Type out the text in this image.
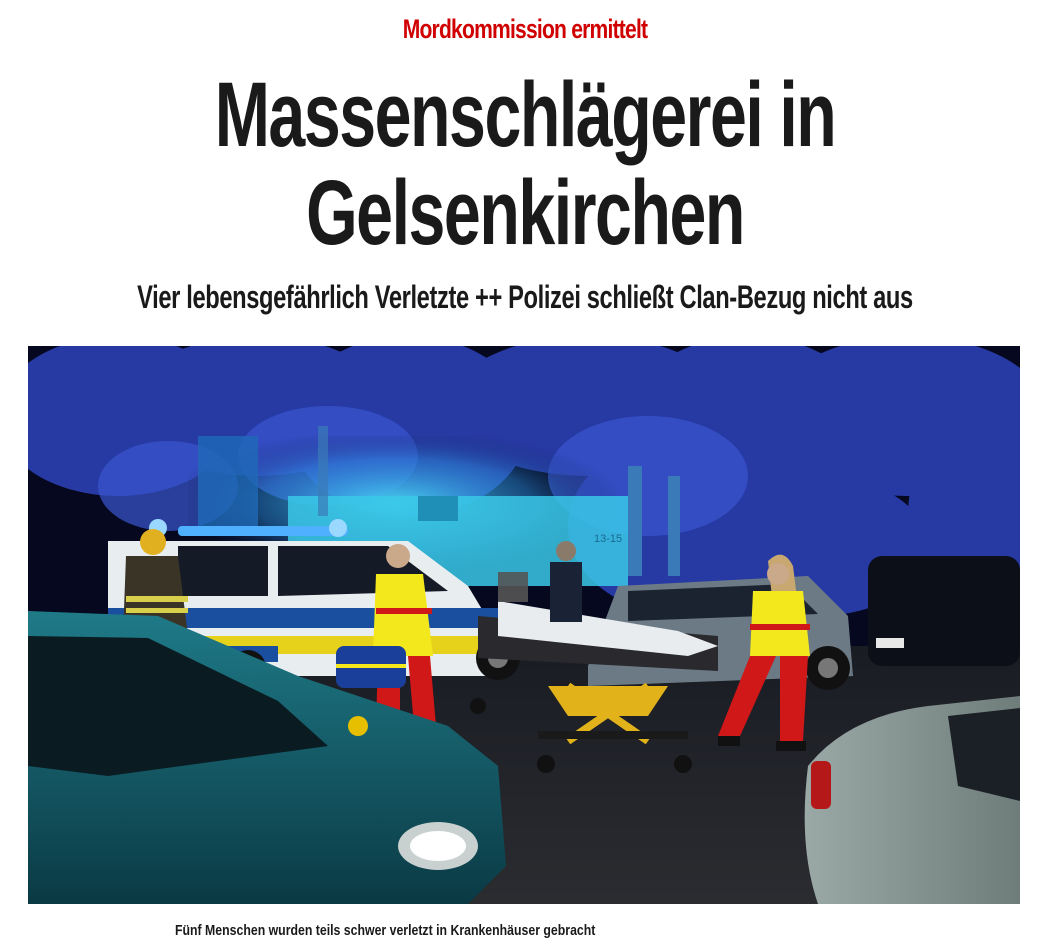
Mordkommission ermittelt
Massenschlägerei in
Gelsenkirchen
Vier lebensgefährlich Verletzte ++ Polizei schließt Clan-Bezug nicht aus
13-15
Fünf Menschen wurden teils schwer verletzt in Krankenhäuser gebracht
